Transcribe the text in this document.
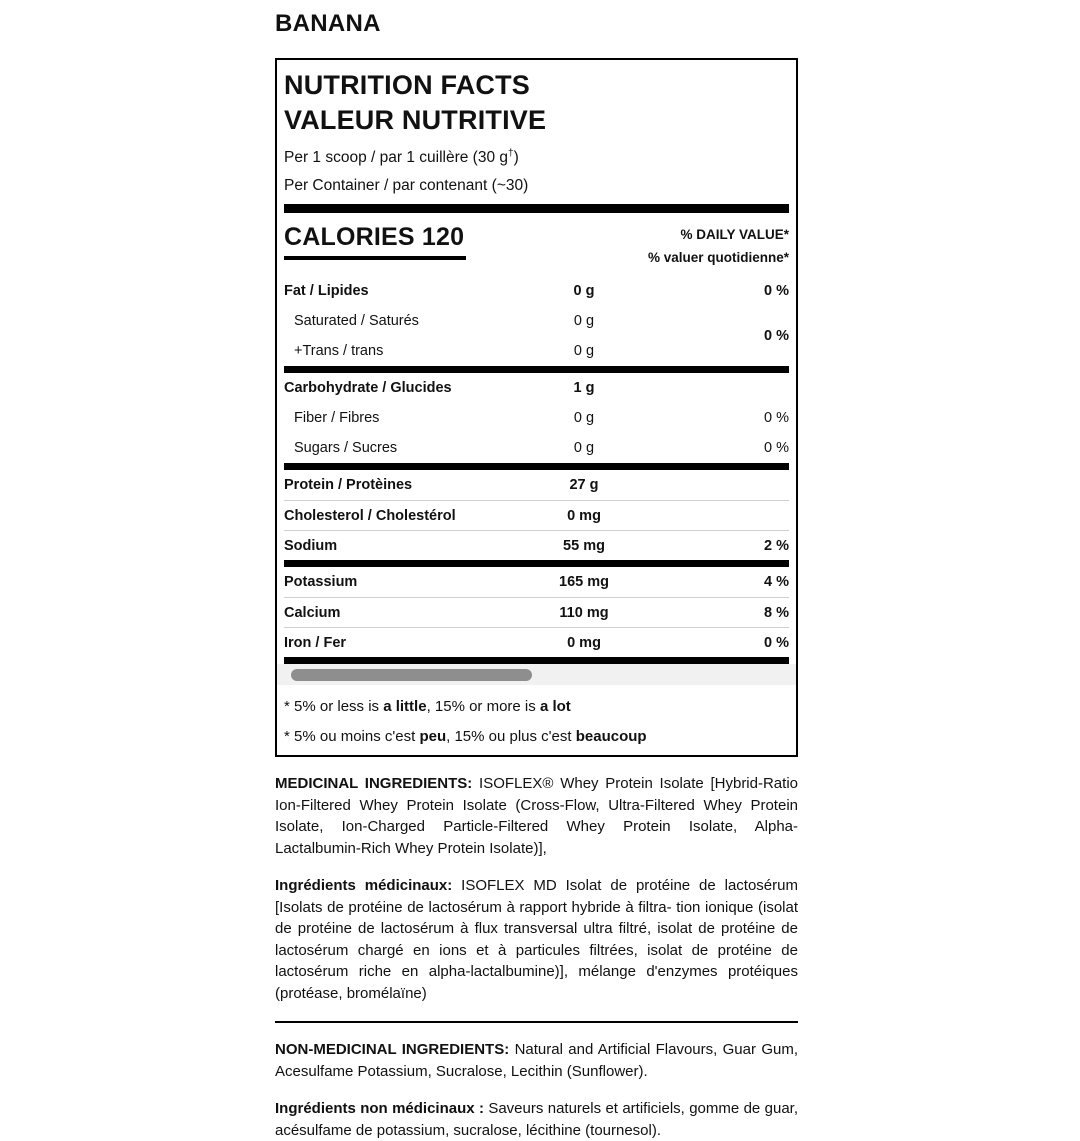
BANANA
NUTRITION FACTS
VALEUR NUTRITIVE
Per 1 scoop / par 1 cuillère (30 g†)
Per Container / par contenant (~30)
CALORIES 120	% DAILY VALUE*
% valuer quotidienne*
Fat / Lipides	0 g	0 %
Saturated / Saturés	0 g
+Trans / trans	0 g
0 %
Carbohydrate / Glucides	1 g
Fiber / Fibres	0 g	0 %
Sugars / Sucres	0 g	0 %
Protein / Protèines	27 g
Cholesterol / Cholestérol	0 mg
Sodium	55 mg	2 %
Potassium	165 mg	4 %
Calcium	110 mg	8 %
Iron / Fer	0 mg	0 %
* 5% or less is a little, 15% or more is a lot
* 5% ou moins c'est peu, 15% ou plus c'est beaucoup

MEDICINAL INGREDIENTS: ISOFLEX® Whey Protein Isolate [Hybrid-Ratio Ion-Filtered Whey Protein Isolate (Cross-Flow, Ultra-Filtered Whey Protein Isolate, Ion-Charged Particle-Filtered Whey Protein Isolate, Alpha-Lactalbumin-Rich Whey Protein Isolate)],

Ingrédients médicinaux: ISOFLEX MD Isolat de protéine de lactosérum [Isolats de protéine de lactosérum à rapport hybride à filtra- tion ionique (isolat de protéine de lactosérum à flux transversal ultra filtré, isolat de protéine de lactosérum chargé en ions et à particules filtrées, isolat de protéine de lactosérum riche en alpha-lactalbumine)], mélange d'enzymes protéiques (protéase, bromélaïne)

NON-MEDICINAL INGREDIENTS: Natural and Artificial Flavours, Guar Gum, Acesulfame Potassium, Sucralose, Lecithin (Sunflower).

Ingrédients non médicinaux : Saveurs naturels et artificiels, gomme de guar, acésulfame de potassium, sucralose, lécithine (tournesol).
